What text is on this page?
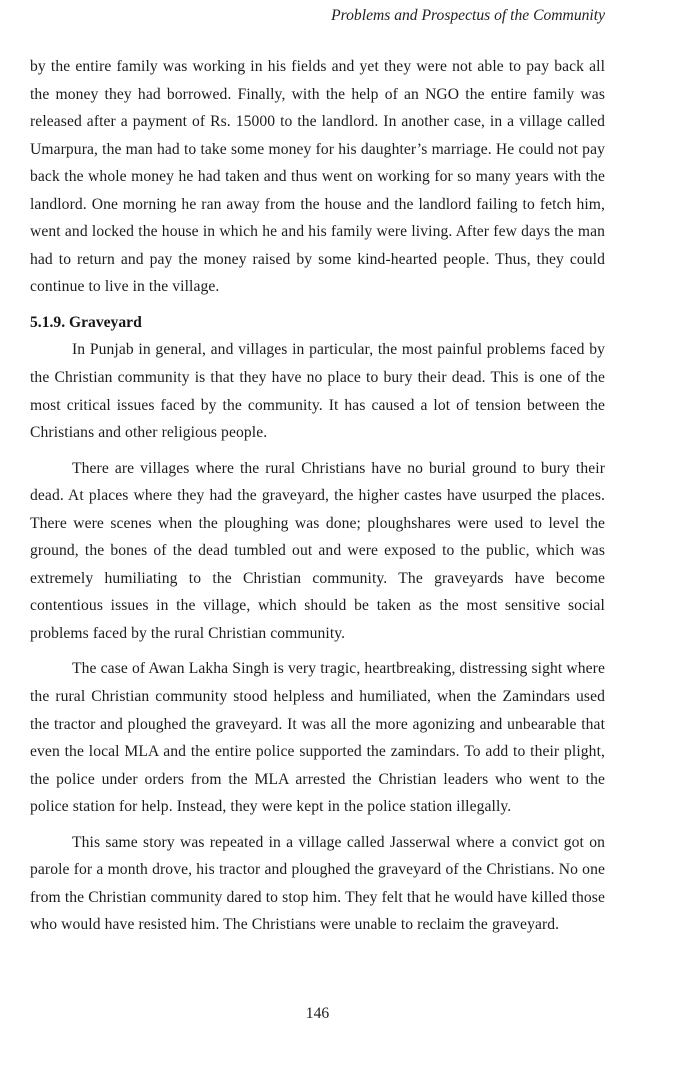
Problems and Prospectus of the Community

by the entire family was working in his fields and yet they were not able to pay back all the money they had borrowed. Finally, with the help of an NGO the entire family was released after a payment of Rs. 15000 to the landlord. In another case, in a village called Umarpura, the man had to take some money for his daughter’s marriage. He could not pay back the whole money he had taken and thus went on working for so many years with the landlord. One morning he ran away from the house and the landlord failing to fetch him, went and locked the house in which he and his family were living. After few days the man had to return and pay the money raised by some kind-hearted people. Thus, they could continue to live in the village.

5.1.9. Graveyard

In Punjab in general, and villages in particular, the most painful problems faced by the Christian community is that they have no place to bury their dead. This is one of the most critical issues faced by the community. It has caused a lot of tension between the Christians and other religious people.

There are villages where the rural Christians have no burial ground to bury their dead. At places where they had the graveyard, the higher castes have usurped the places. There were scenes when the ploughing was done; ploughshares were used to level the ground, the bones of the dead tumbled out and were exposed to the public, which was extremely humiliating to the Christian community. The graveyards have become contentious issues in the village, which should be taken as the most sensitive social problems faced by the rural Christian community.

The case of Awan Lakha Singh is very tragic, heartbreaking, distressing sight where the rural Christian community stood helpless and humiliated, when the Zamindars used the tractor and ploughed the graveyard. It was all the more agonizing and unbearable that even the local MLA and the entire police supported the zamindars. To add to their plight, the police under orders from the MLA arrested the Christian leaders who went to the police station for help. Instead, they were kept in the police station illegally.

This same story was repeated in a village called Jasserwal where a convict got on parole for a month drove, his tractor and ploughed the graveyard of the Christians. No one from the Christian community dared to stop him. They felt that he would have killed those who would have resisted him. The Christians were unable to reclaim the graveyard.

146
